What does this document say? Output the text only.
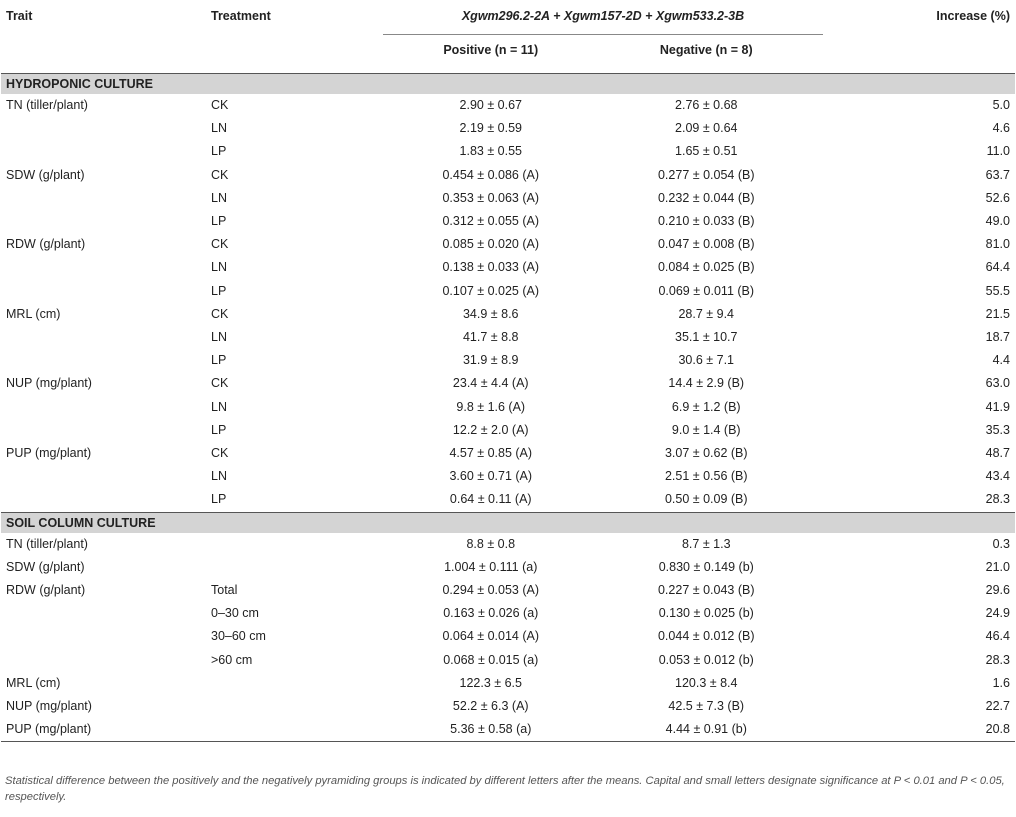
Trait	Treatment	Xgwm296.2-2A + Xgwm157-2D + Xgwm533.2-3B		Increase (%)
		Positive (n = 11)	Negative (n = 8)	

HYDROPONIC CULTURE				
TN (tiller/plant)	CK	2.90 ± 0.67	2.76 ± 0.68	5.0
	LN	2.19 ± 0.59	2.09 ± 0.64	4.6
	LP	1.83 ± 0.55	1.65 ± 0.51	11.0
SDW (g/plant)	CK	0.454 ± 0.086 (A)	0.277 ± 0.054 (B)	63.7
	LN	0.353 ± 0.063 (A)	0.232 ± 0.044 (B)	52.6
	LP	0.312 ± 0.055 (A)	0.210 ± 0.033 (B)	49.0
RDW (g/plant)	CK	0.085 ± 0.020 (A)	0.047 ± 0.008 (B)	81.0
	LN	0.138 ± 0.033 (A)	0.084 ± 0.025 (B)	64.4
	LP	0.107 ± 0.025 (A)	0.069 ± 0.011 (B)	55.5
MRL (cm)	CK	34.9 ± 8.6	28.7 ± 9.4	21.5
	LN	41.7 ± 8.8	35.1 ± 10.7	18.7
	LP	31.9 ± 8.9	30.6 ± 7.1	4.4
NUP (mg/plant)	CK	23.4 ± 4.4 (A)	14.4 ± 2.9 (B)	63.0
	LN	9.8 ± 1.6 (A)	6.9 ± 1.2 (B)	41.9
	LP	12.2 ± 2.0 (A)	9.0 ± 1.4 (B)	35.3
PUP (mg/plant)	CK	4.57 ± 0.85 (A)	3.07 ± 0.62 (B)	48.7
	LN	3.60 ± 0.71 (A)	2.51 ± 0.56 (B)	43.4
	LP	0.64 ± 0.11 (A)	0.50 ± 0.09 (B)	28.3
SOIL COLUMN CULTURE				
TN (tiller/plant)		8.8 ± 0.8	8.7 ± 1.3	0.3
SDW (g/plant)		1.004 ± 0.111 (a)	0.830 ± 0.149 (b)	21.0
RDW (g/plant)	Total	0.294 ± 0.053 (A)	0.227 ± 0.043 (B)	29.6
	0–30 cm	0.163 ± 0.026 (a)	0.130 ± 0.025 (b)	24.9
	30–60 cm	0.064 ± 0.014 (A)	0.044 ± 0.012 (B)	46.4
	>60 cm	0.068 ± 0.015 (a)	0.053 ± 0.012 (b)	28.3
MRL (cm)		122.3 ± 6.5	120.3 ± 8.4	1.6
NUP (mg/plant)		52.2 ± 6.3 (A)	42.5 ± 7.3 (B)	22.7
PUP (mg/plant)		5.36 ± 0.58 (a)	4.44 ± 0.91 (b)	20.8
Statistical difference between the positively and the negatively pyramiding groups is indicated by different letters after the means. Capital and small letters designate significance at P < 0.01 and P < 0.05, respectively.
